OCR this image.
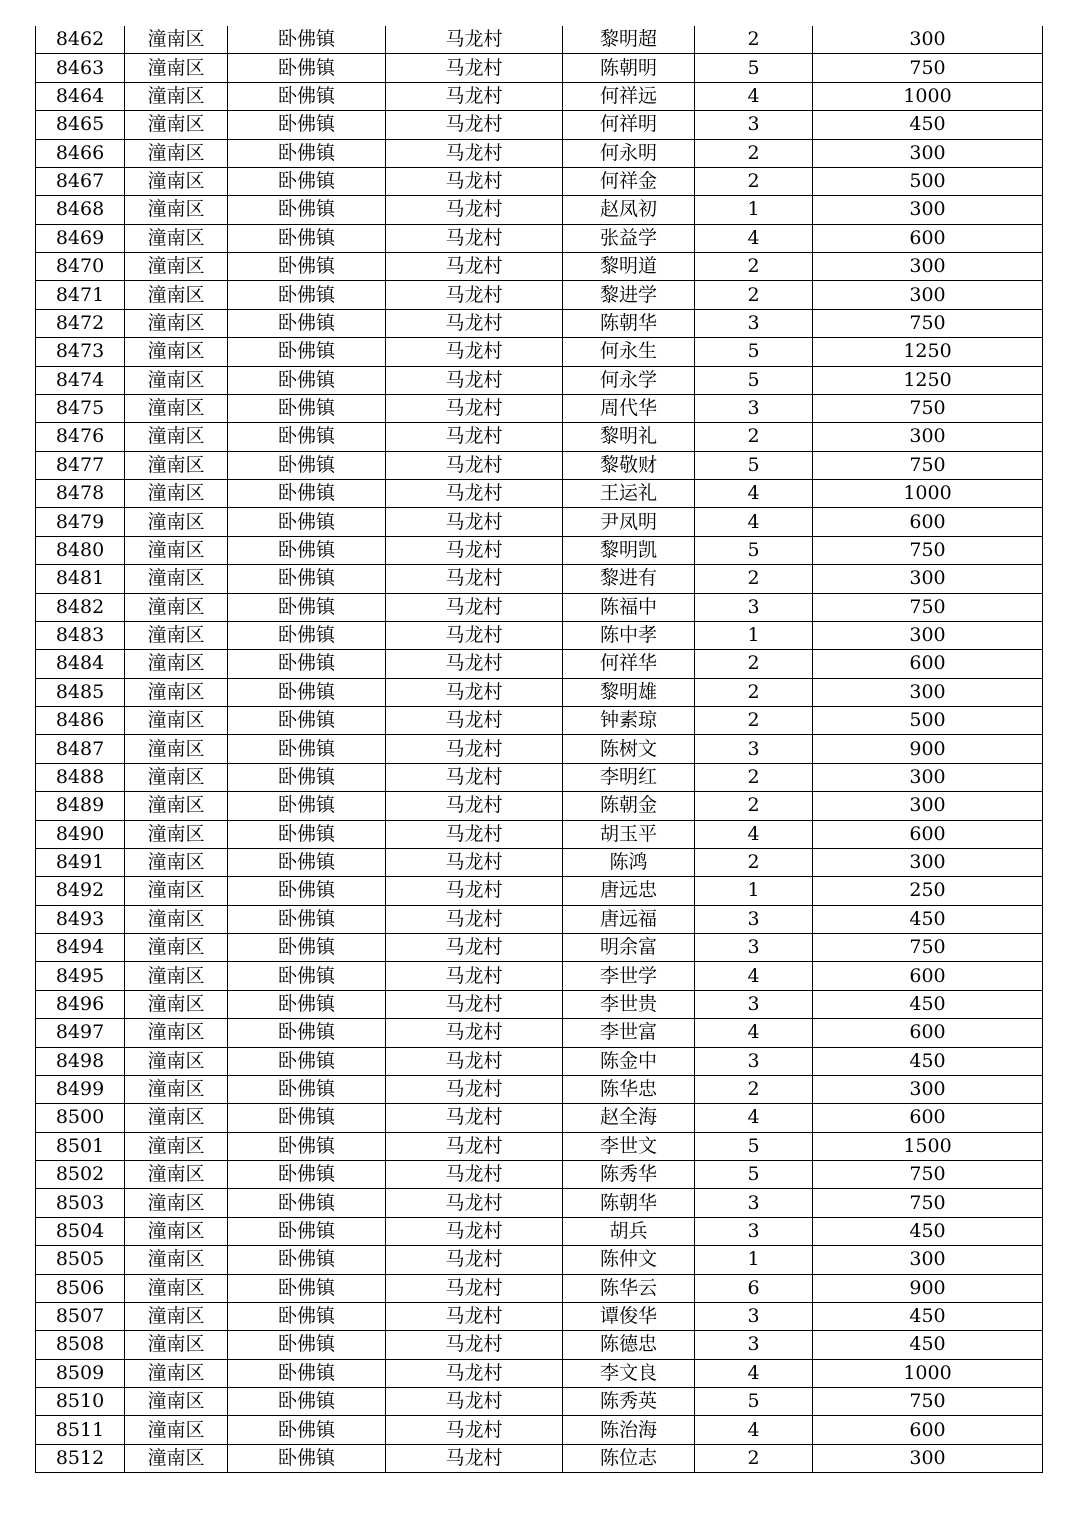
8462	潼南区	卧佛镇	马龙村	黎明超	2	300
8463	潼南区	卧佛镇	马龙村	陈朝明	5	750
8464	潼南区	卧佛镇	马龙村	何祥远	4	1000
8465	潼南区	卧佛镇	马龙村	何祥明	3	450
8466	潼南区	卧佛镇	马龙村	何永明	2	300
8467	潼南区	卧佛镇	马龙村	何祥金	2	500
8468	潼南区	卧佛镇	马龙村	赵凤初	1	300
8469	潼南区	卧佛镇	马龙村	张益学	4	600
8470	潼南区	卧佛镇	马龙村	黎明道	2	300
8471	潼南区	卧佛镇	马龙村	黎进学	2	300
8472	潼南区	卧佛镇	马龙村	陈朝华	3	750
8473	潼南区	卧佛镇	马龙村	何永生	5	1250
8474	潼南区	卧佛镇	马龙村	何永学	5	1250
8475	潼南区	卧佛镇	马龙村	周代华	3	750
8476	潼南区	卧佛镇	马龙村	黎明礼	2	300
8477	潼南区	卧佛镇	马龙村	黎敬财	5	750
8478	潼南区	卧佛镇	马龙村	王运礼	4	1000
8479	潼南区	卧佛镇	马龙村	尹凤明	4	600
8480	潼南区	卧佛镇	马龙村	黎明凯	5	750
8481	潼南区	卧佛镇	马龙村	黎进有	2	300
8482	潼南区	卧佛镇	马龙村	陈福中	3	750
8483	潼南区	卧佛镇	马龙村	陈中孝	1	300
8484	潼南区	卧佛镇	马龙村	何祥华	2	600
8485	潼南区	卧佛镇	马龙村	黎明雄	2	300
8486	潼南区	卧佛镇	马龙村	钟素琼	2	500
8487	潼南区	卧佛镇	马龙村	陈树文	3	900
8488	潼南区	卧佛镇	马龙村	李明红	2	300
8489	潼南区	卧佛镇	马龙村	陈朝金	2	300
8490	潼南区	卧佛镇	马龙村	胡玉平	4	600
8491	潼南区	卧佛镇	马龙村	陈鸿	2	300
8492	潼南区	卧佛镇	马龙村	唐远忠	1	250
8493	潼南区	卧佛镇	马龙村	唐远福	3	450
8494	潼南区	卧佛镇	马龙村	明余富	3	750
8495	潼南区	卧佛镇	马龙村	李世学	4	600
8496	潼南区	卧佛镇	马龙村	李世贵	3	450
8497	潼南区	卧佛镇	马龙村	李世富	4	600
8498	潼南区	卧佛镇	马龙村	陈金中	3	450
8499	潼南区	卧佛镇	马龙村	陈华忠	2	300
8500	潼南区	卧佛镇	马龙村	赵全海	4	600
8501	潼南区	卧佛镇	马龙村	李世文	5	1500
8502	潼南区	卧佛镇	马龙村	陈秀华	5	750
8503	潼南区	卧佛镇	马龙村	陈朝华	3	750
8504	潼南区	卧佛镇	马龙村	胡兵	3	450
8505	潼南区	卧佛镇	马龙村	陈仲文	1	300
8506	潼南区	卧佛镇	马龙村	陈华云	6	900
8507	潼南区	卧佛镇	马龙村	谭俊华	3	450
8508	潼南区	卧佛镇	马龙村	陈德忠	3	450
8509	潼南区	卧佛镇	马龙村	李文良	4	1000
8510	潼南区	卧佛镇	马龙村	陈秀英	5	750
8511	潼南区	卧佛镇	马龙村	陈治海	4	600
8512	潼南区	卧佛镇	马龙村	陈位志	2	300
